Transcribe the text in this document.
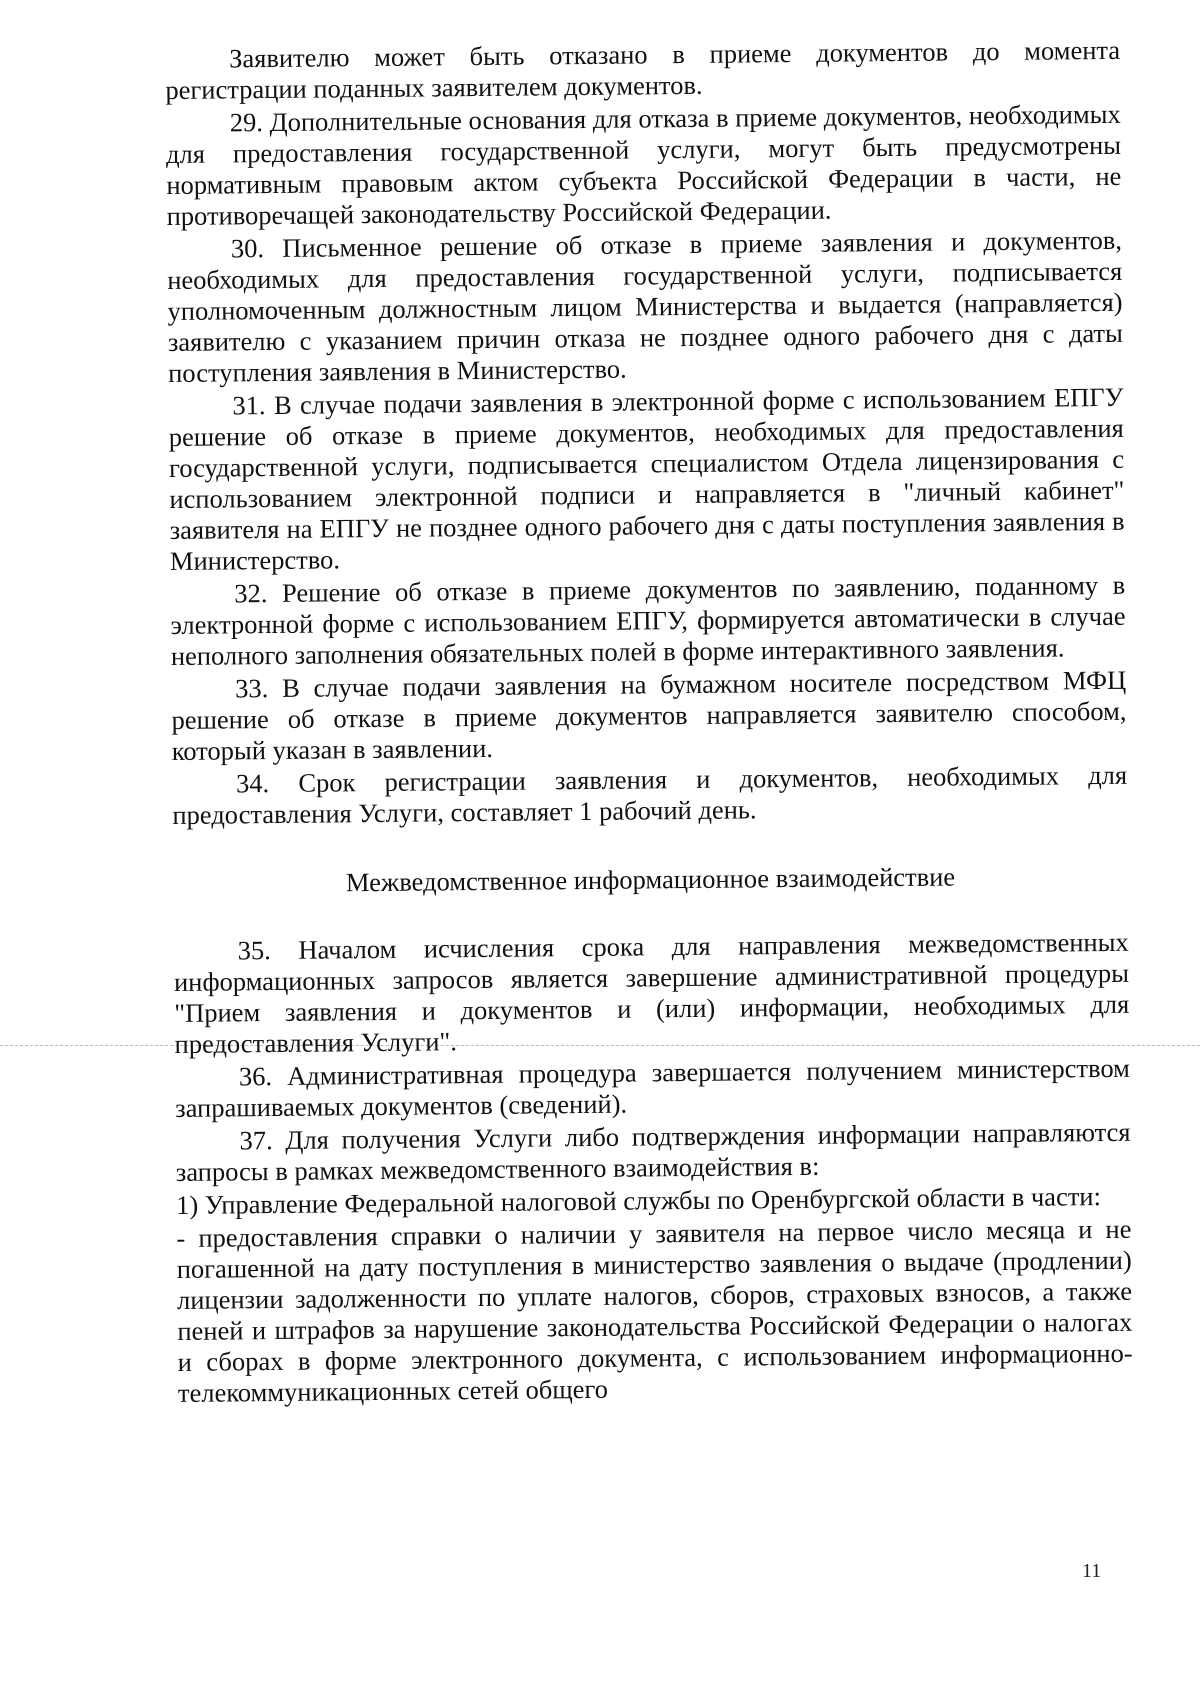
Заявителю может быть отказано в приеме документов до момента регистрации поданных заявителем документов.

29. Дополнительные основания для отказа в приеме документов, необходимых для предоставления государственной услуги, могут быть предусмотрены нормативным правовым актом субъекта Российской Федерации в части, не противоречащей законодательству Российской Федерации.

30. Письменное решение об отказе в приеме заявления и документов, необходимых для предоставления государственной услуги, подписывается уполномоченным должностным лицом Министерства и выдается (направляется) заявителю с указанием причин отказа не позднее одного рабочего дня с даты поступления заявления в Министерство.

31. В случае подачи заявления в электронной форме с использованием ЕПГУ решение об отказе в приеме документов, необходимых для предоставления государственной услуги, подписывается специалистом Отдела лицензирования с использованием электронной подписи и направляется в "личный кабинет" заявителя на ЕПГУ не позднее одного рабочего дня с даты поступления заявления в Министерство.

32. Решение об отказе в приеме документов по заявлению, поданному в электронной форме с использованием ЕПГУ, формируется автоматически в случае неполного заполнения обязательных полей в форме интерактивного заявления.

33. В случае подачи заявления на бумажном носителе посредством МФЦ решение об отказе в приеме документов направляется заявителю способом, который указан в заявлении.

34. Срок регистрации заявления и документов, необходимых для предоставления Услуги, составляет 1 рабочий день.

Межведомственное информационное взаимодействие

35. Началом исчисления срока для направления межведомственных информационных запросов является завершение административной процедуры "Прием заявления и документов и (или) информации, необходимых для предоставления Услуги".

36. Административная процедура завершается получением министерством запрашиваемых документов (сведений).

37. Для получения Услуги либо подтверждения информации направляются запросы в рамках межведомственного взаимодействия в:

1) Управление Федеральной налоговой службы по Оренбургской области в части:

- предоставления справки о наличии у заявителя на первое число месяца и не погашенной на дату поступления в министерство заявления о выдаче (продлении) лицензии задолженности по уплате налогов, сборов, страховых взносов, а также пеней и штрафов за нарушение законодательства Российской Федерации о налогах и сборах в форме электронного документа, с использованием информационно-телекоммуникационных сетей общего

11
